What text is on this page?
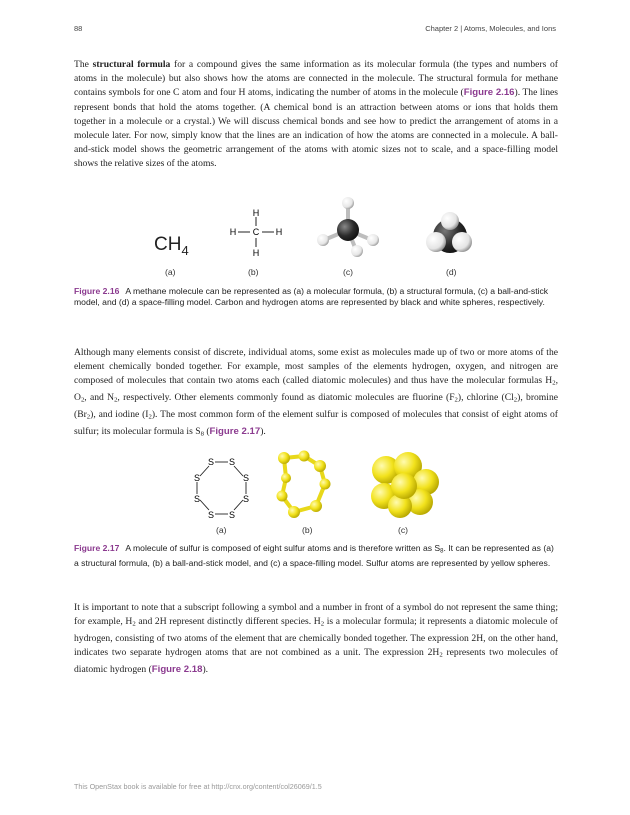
88	Chapter 2 | Atoms, Molecules, and Ions

The structural formula for a compound gives the same information as its molecular formula (the types and numbers of atoms in the molecule) but also shows how the atoms are connected in the molecule. The structural formula for methane contains symbols for one C atom and four H atoms, indicating the number of atoms in the molecule (Figure 2.16). The lines represent bonds that hold the atoms together. (A chemical bond is an attraction between atoms or ions that holds them together in a molecule or a crystal.) We will discuss chemical bonds and see how to predict the arrangement of atoms in a molecule later. For now, simply know that the lines are an indication of how the atoms are connected in a molecule. A ball-and-stick model shows the geometric arrangement of the atoms with atomic sizes not to scale, and a space-filling model shows the relative sizes of the atoms.

$CH_4$
H
C
H	H
H
(a)	(b)	(c)	(d)
Figure 2.16 A methane molecule can be represented as (a) a molecular formula, (b) a structural formula, (c) a ball-and-stick model, and (d) a space-filling model. Carbon and hydrogen atoms are represented by black and white spheres, respectively.

Although many elements consist of discrete, individual atoms, some exist as molecules made up of two or more atoms of the element chemically bonded together. For example, most samples of the elements hydrogen, oxygen, and nitrogen are composed of molecules that contain two atoms each (called diatomic molecules) and thus have the molecular formulas $H_2$, $O_2$, and $N_2$, respectively. Other elements commonly found as diatomic molecules are fluorine $(F_2)$, chlorine $(Cl_2)$, bromine $(Br_2)$, and iodine $(I_2)$. The most common form of the element sulfur is composed of molecules that consist of eight atoms of sulfur; its molecular formula is $S_8$ (Figure 2.17).

S S
S
S
S
S
S
S
(a)	(b)	(c)
Figure 2.17 A molecule of sulfur is composed of eight sulfur atoms and is therefore written as $S_8$. It can be represented as (a) a structural formula, (b) a ball-and-stick model, and (c) a space-filling model. Sulfur atoms are represented by yellow spheres.

It is important to note that a subscript following a symbol and a number in front of a symbol do not represent the same thing; for example, $H_2$ and 2H represent distinctly different species. $H_2$ is a molecular formula; it represents a diatomic molecule of hydrogen, consisting of two atoms of the element that are chemically bonded together. The expression 2H, on the other hand, indicates two separate hydrogen atoms that are not combined as a unit. The expression $2H_2$ represents two molecules of diatomic hydrogen (Figure 2.18).

This OpenStax book is available for free at http://cnx.org/content/col26069/1.5
